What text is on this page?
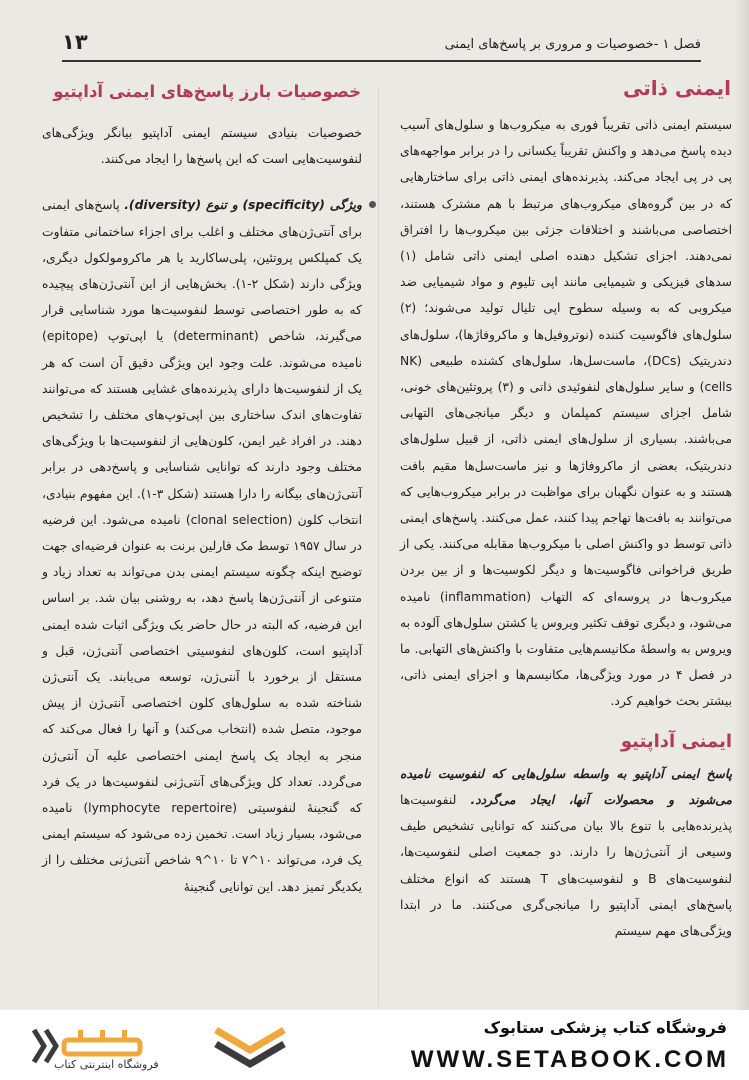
فصل ۱ -خصوصیات و مروری بر پاسخ‌های ایمنی
۱۳
ایمنی ذاتی
خصوصیات بارز پاسخ‌های ایمنی آداپتیو

سیستم ایمنی ذاتی تقریباً فوری به میکروب‌ها و سلول‌های آسیب دیده پاسخ می‌دهد و واکنش تقریباً یکسانی را در برابر مواجهه‌های پی در پی ایجاد می‌کند. پذیرنده‌های ایمنی ذاتی برای ساختارهایی که در بین گروه‌های میکروب‌های مرتبط با هم مشترک هستند، اختصاصی می‌باشند و اختلافات جزئی بین میکروب‌ها را افتراق نمی‌دهند. اجزای تشکیل دهنده اصلی ایمنی ذاتی شامل (۱) سدهای فیزیکی و شیمیایی مانند اپی تلیوم و مواد شیمیایی ضد میکروبی که به وسیله سطوح اپی تلیال تولید می‌شوند؛ (۲) سلول‌های فاگوسیت کننده (نوتروفیل‌ها و ماکروفاژها)، سلول‌های دندریتیک (DCs)، ماست‌سل‌ها، سلول‌های کشنده طبیعی (NK cells) و سایر سلول‌های لنفوئیدی ذاتی و (۳) پروتئین‌های خونی، شامل اجزای سیستم کمپلمان و دیگر میانجی‌های التهابی می‌باشند. بسیاری از سلول‌های ایمنی ذاتی، از قبیل سلول‌های دندریتیک، بعضی از ماکروفاژها و نیز ماست‌سل‌ها مقیم بافت هستند و به عنوان نگهبان برای مواظبت در برابر میکروب‌هایی که می‌توانند به بافت‌ها تهاجم پیدا کنند، عمل می‌کنند. پاسخ‌های ایمنی ذاتی توسط دو واکنش اصلی با میکروب‌ها مقابله می‌کنند. یکی از طریق فراخوانی فاگوسیت‌ها و دیگر لکوسیت‌ها و از بین بردن میکروب‌ها در پروسه‌ای که التهاب (inflammation) نامیده می‌شود، و دیگری توقف تکثیر ویروس یا کشتن سلول‌های آلوده به ویروس به واسطهٔ مکانیسم‌هایی متفاوت با واکنش‌های التهابی. ما در فصل ۴ در مورد ویژگی‌ها، مکانیسم‌ها و اجزای ایمنی ذاتی، بیشتر بحث خواهیم کرد.

ایمنی آداپتیو

پاسخ ایمنی آداپتیو به واسطه سلول‌هایی که لنفوسیت نامیده می‌شوند و محصولات آنها، ایجاد می‌گردد. لنفوسیت‌ها پذیرنده‌هایی با تنوع بالا بیان می‌کنند که توانایی تشخیص طیف وسیعی از آنتی‌ژن‌ها را دارند. دو جمعیت اصلی لنفوسیت‌ها، لنفوسیت‌های B و لنفوسیت‌های T هستند که انواع مختلف پاسخ‌های ایمنی آداپتیو را میانجی‌گری می‌کنند. ما در ابتدا ویژگی‌های مهم سیستم

خصوصیات بنیادی سیستم ایمنی آداپتیو بیانگر ویژگی‌های لنفوسیت‌هایی است که این پاسخ‌ها را ایجاد می‌کنند.

ویژگی (specificity) و تنوع (diversity). پاسخ‌های ایمنی برای آنتی‌ژن‌های مختلف و اغلب برای اجزاء ساختمانی متفاوت یک کمپلکس پروتئین، پلی‌ساکارید یا هر ماکرومولکول دیگری، ویژگی دارند (شکل ۲-۱). بخش‌هایی از این آنتی‌ژن‌های پیچیده که به طور اختصاصی توسط لنفوسیت‌ها مورد شناسایی قرار می‌گیرند، شاخص (determinant) یا اپی‌توپ (epitope) نامیده می‌شوند. علت وجود این ویژگی دقیق آن است که هر یک از لنفوسیت‌ها دارای پذیرنده‌های غشایی هستند که می‌توانند تفاوت‌های اندک ساختاری بین اپی‌توپ‌های مختلف را تشخیص دهند. در افراد غیر ایمن، کلون‌هایی از لنفوسیت‌ها با ویژگی‌های مختلف وجود دارند که توانایی شناسایی و پاسخ‌دهی در برابر آنتی‌ژن‌های بیگانه را دارا هستند (شکل ۳-۱). این مفهوم بنیادی، انتخاب کلون (clonal selection) نامیده می‌شود. این فرضیه در سال ۱۹۵۷ توسط مک فارلین برنت به عنوان فرضیه‌ای جهت توضیح اینکه چگونه سیستم ایمنی بدن می‌تواند به تعداد زیاد و متنوعی از آنتی‌ژن‌ها پاسخ دهد، به روشنی بیان شد. بر اساس این فرضیه، که البته در حال حاضر یک ویژگی اثبات شده ایمنی آداپتیو است، کلون‌های لنفوسیتی اختصاصی آنتی‌ژن، قبل و مستقل از برخورد با آنتی‌ژن، توسعه می‌یابند. یک آنتی‌ژن شناخته شده به سلول‌های کلون اختصاصی آنتی‌ژن از پیش موجود، متصل شده (انتخاب می‌کند) و آنها را فعال می‌کند که منجر به ایجاد یک پاسخ ایمنی اختصاصی علیه آن آنتی‌ژن می‌گردد. تعداد کل ویژگی‌های آنتی‌ژنی لنفوسیت‌ها در یک فرد که گنجینهٔ لنفوسیتی (lymphocyte repertoire) نامیده می‌شود، بسیار زیاد است. تخمین زده می‌شود که سیستم ایمنی یک فرد، می‌تواند ۱۰^۷ تا ۱۰^۹ شاخص آنتی‌ژنی مختلف را از یکدیگر تمیز دهد. این توانایی گنجینهٔ

فروشگاه اینترنتی کتاب
فروشگاه کتاب پزشکی ستابوک
WWW.SETABOOK.COM
